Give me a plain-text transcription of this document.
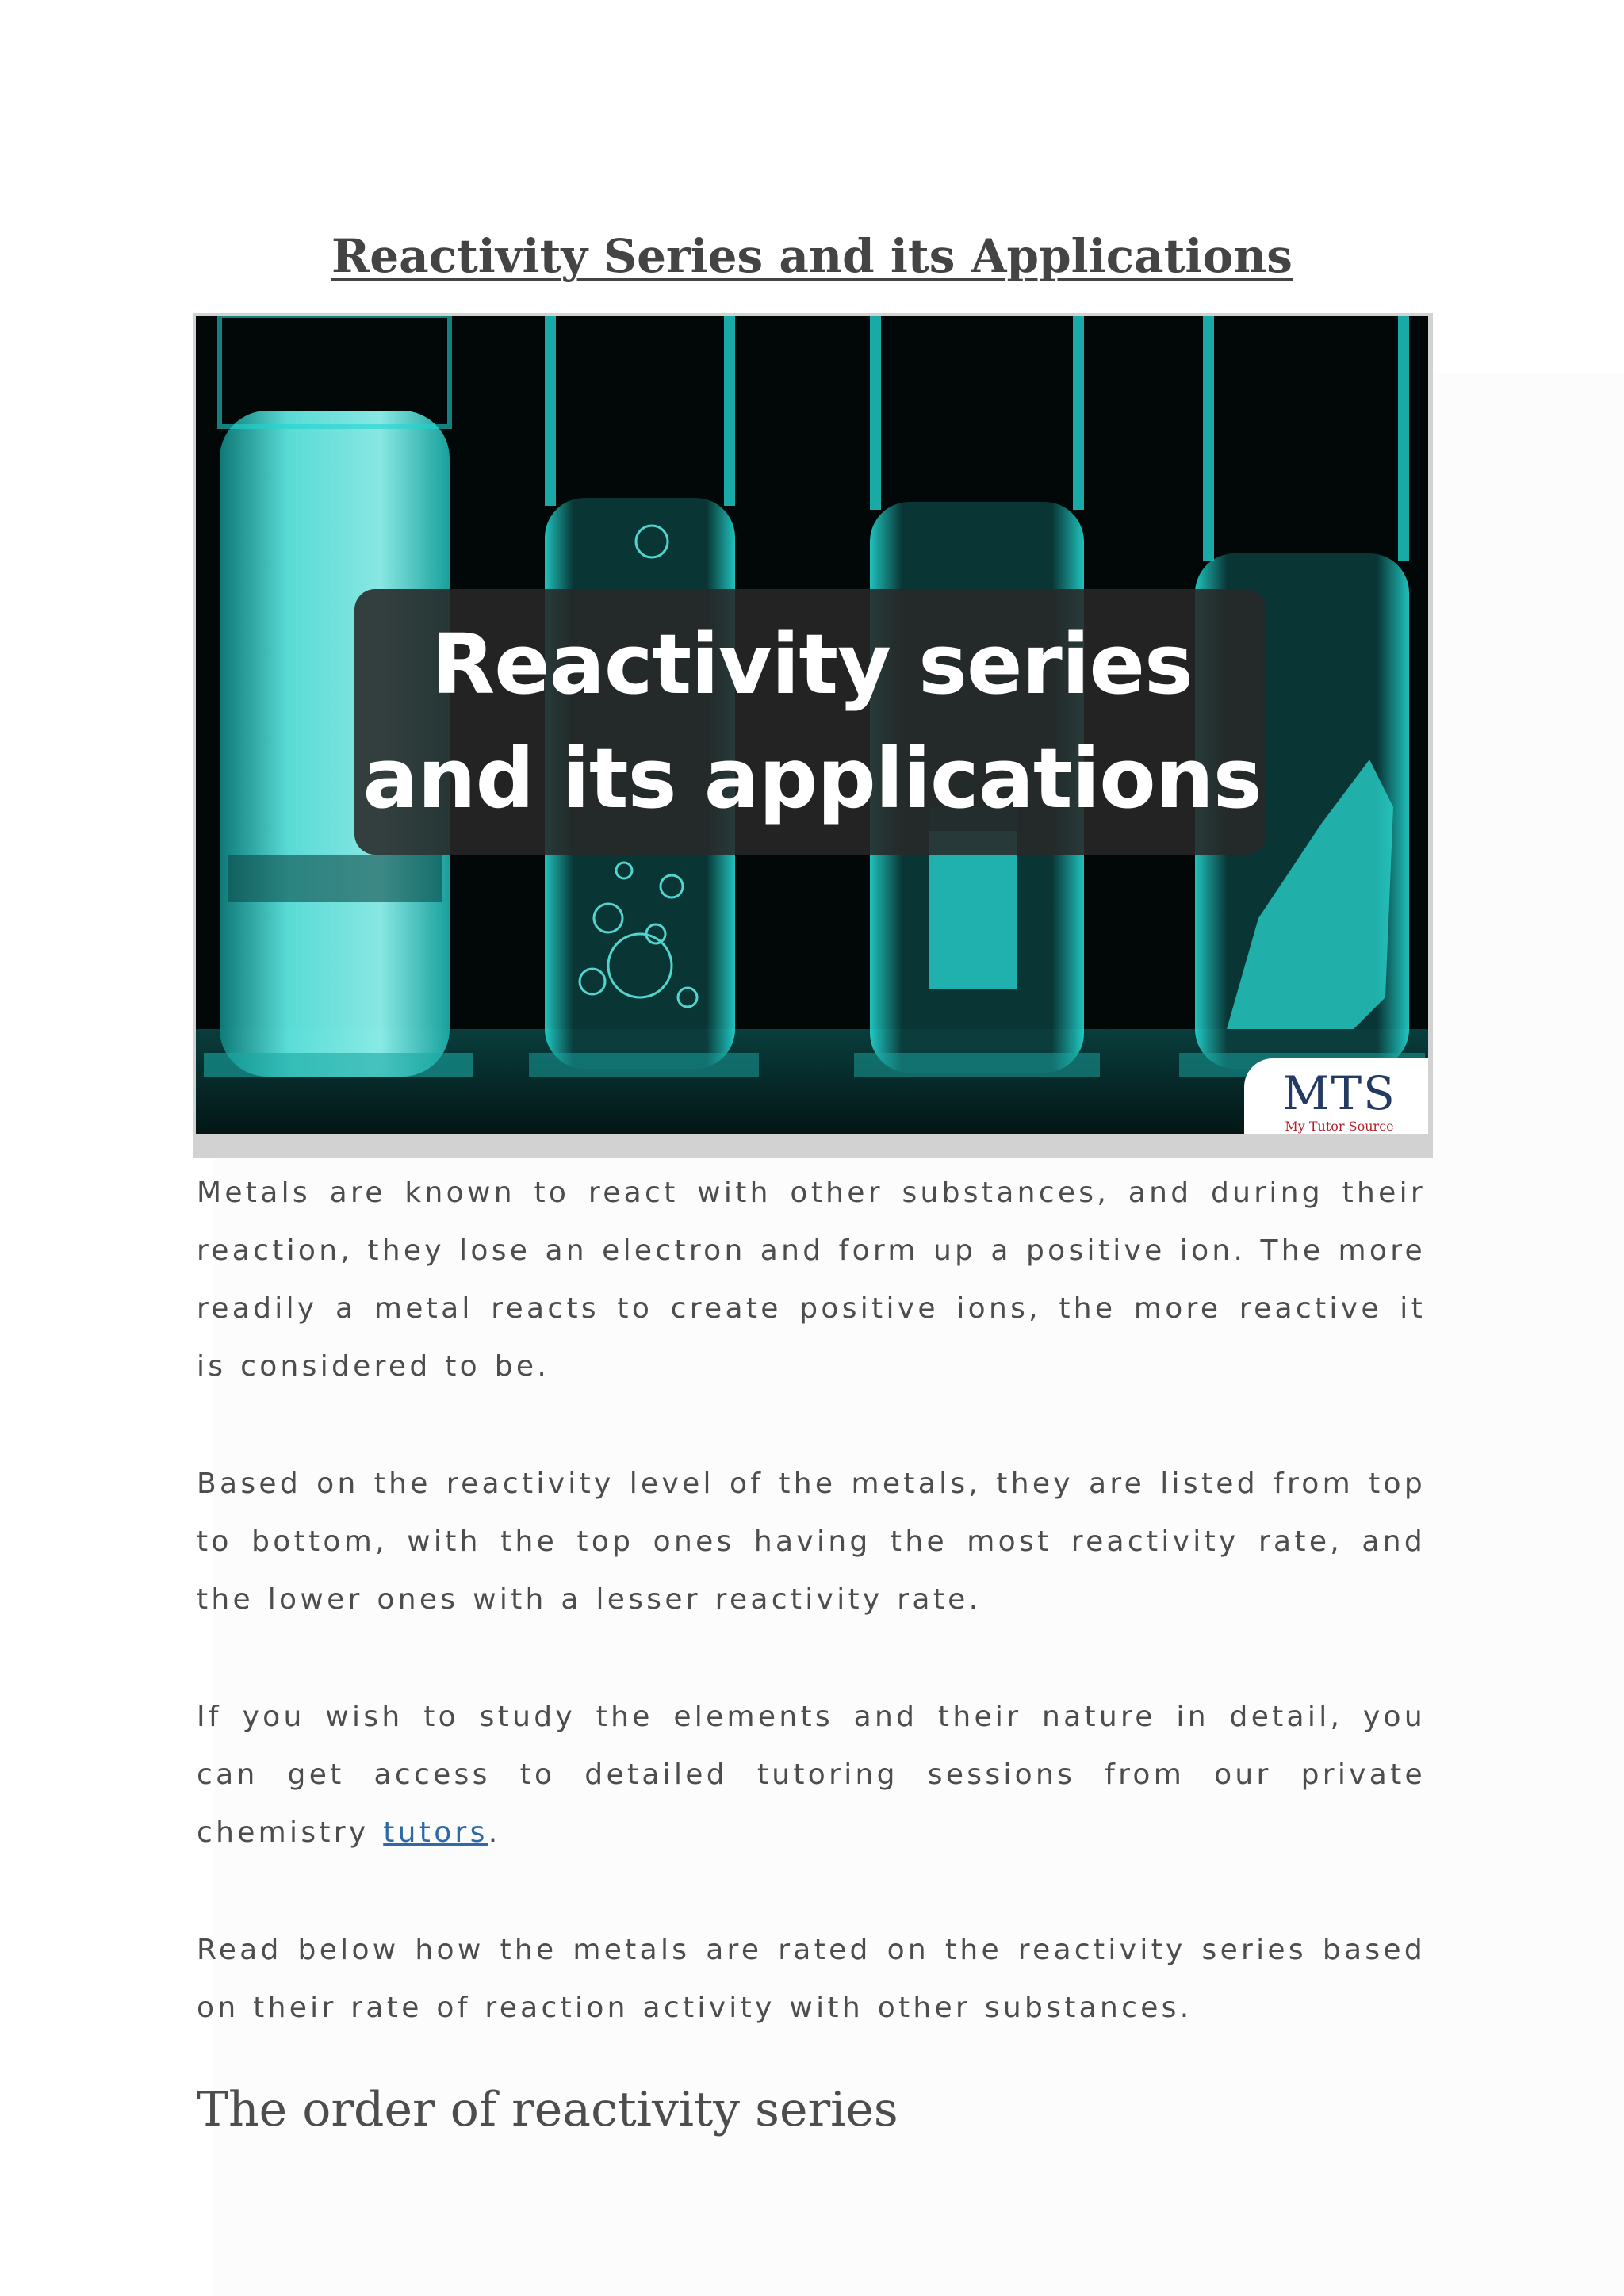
Reactivity Series and its Applications
Reactivity series
and its applications
MTS
My Tutor Source

Metals are known to react with other substances, and during their reaction, they lose an electron and form up a positive ion. The more readily a metal reacts to create positive ions, the more reactive it is considered to be.

Based on the reactivity level of the metals, they are listed from top to bottom, with the top ones having the most reactivity rate, and the lower ones with a lesser reactivity rate.

If you wish to study the elements and their nature in detail, you can get access to detailed tutoring sessions from our private chemistry tutors.

Read below how the metals are rated on the reactivity series based on their rate of reaction activity with other substances.

The order of reactivity series
